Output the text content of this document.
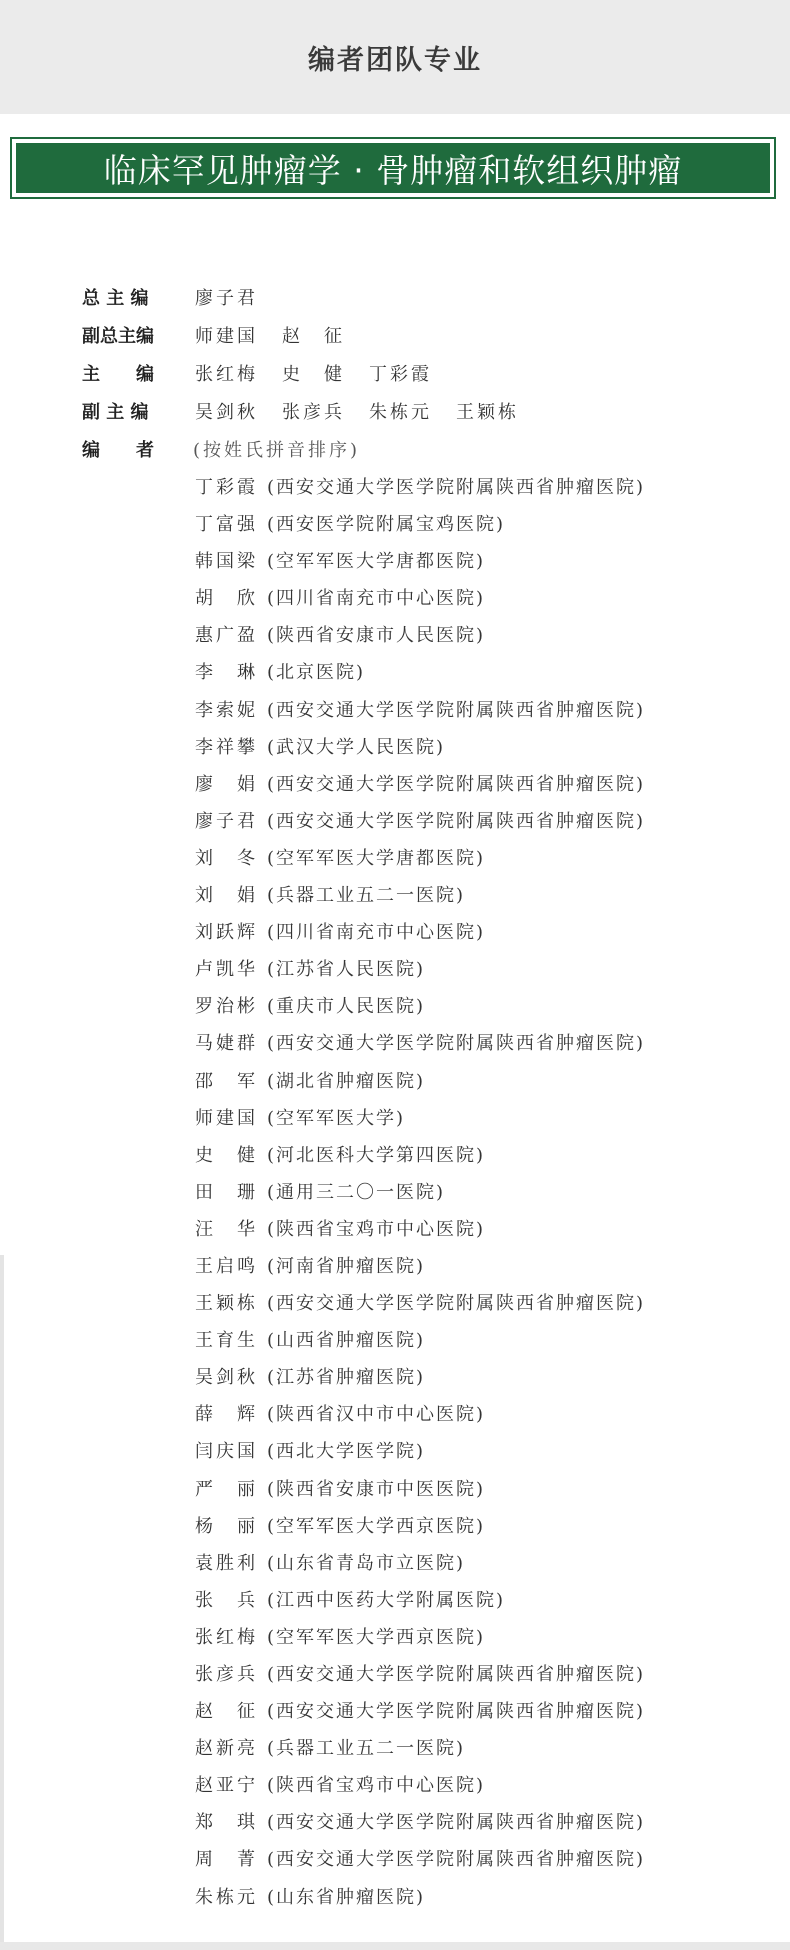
编者团队专业
临床罕见肿瘤学 · 骨肿瘤和软组织肿瘤
总 主 编	廖子君
副总主编	师建国 赵　征
主　　编	张红梅 史　健 丁彩霞
副 主 编	吴剑秋 张彦兵 朱栋元 王颖栋
编　　者	(按姓氏拼音排序)
丁彩霞 (西安交通大学医学院附属陕西省肿瘤医院)
丁富强 (西安医学院附属宝鸡医院)
韩国梁 (空军军医大学唐都医院)
胡　欣 (四川省南充市中心医院)
惠广盈 (陕西省安康市人民医院)
李　琳 (北京医院)
李索妮 (西安交通大学医学院附属陕西省肿瘤医院)
李祥攀 (武汉大学人民医院)
廖　娟 (西安交通大学医学院附属陕西省肿瘤医院)
廖子君 (西安交通大学医学院附属陕西省肿瘤医院)
刘　冬 (空军军医大学唐都医院)
刘　娟 (兵器工业五二一医院)
刘跃辉 (四川省南充市中心医院)
卢凯华 (江苏省人民医院)
罗治彬 (重庆市人民医院)
马婕群 (西安交通大学医学院附属陕西省肿瘤医院)
邵　军 (湖北省肿瘤医院)
师建国 (空军军医大学)
史　健 (河北医科大学第四医院)
田　珊 (通用三二〇一医院)
汪　华 (陕西省宝鸡市中心医院)
王启鸣 (河南省肿瘤医院)
王颖栋 (西安交通大学医学院附属陕西省肿瘤医院)
王育生 (山西省肿瘤医院)
吴剑秋 (江苏省肿瘤医院)
薛　辉 (陕西省汉中市中心医院)
闫庆国 (西北大学医学院)
严　丽 (陕西省安康市中医医院)
杨　丽 (空军军医大学西京医院)
袁胜利 (山东省青岛市立医院)
张　兵 (江西中医药大学附属医院)
张红梅 (空军军医大学西京医院)
张彦兵 (西安交通大学医学院附属陕西省肿瘤医院)
赵　征 (西安交通大学医学院附属陕西省肿瘤医院)
赵新亮 (兵器工业五二一医院)
赵亚宁 (陕西省宝鸡市中心医院)
郑　琪 (西安交通大学医学院附属陕西省肿瘤医院)
周　菁 (西安交通大学医学院附属陕西省肿瘤医院)
朱栋元 (山东省肿瘤医院)
